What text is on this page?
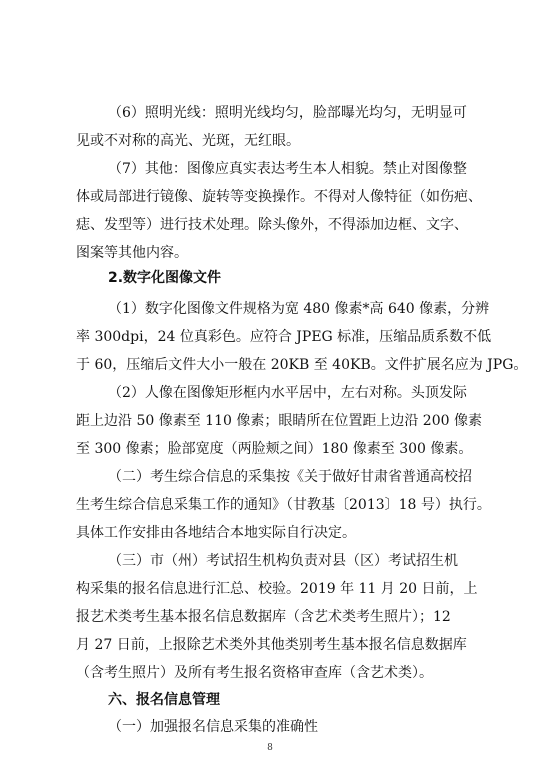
（6）照明光线：照明光线均匀，脸部曝光均匀，无明显可
见或不对称的高光、光斑，无红眼。
（7）其他：图像应真实表达考生本人相貌。禁止对图像整
体或局部进行镜像、旋转等变换操作。不得对人像特征（如伤疤、
痣、发型等）进行技术处理。除头像外，不得添加边框、文字、
图案等其他内容。
2.数字化图像文件
（1）数字化图像文件规格为宽 480 像素*高 640 像素，分辨
率 300dpi，24 位真彩色。应符合 JPEG 标准，压缩品质系数不低
于 60，压缩后文件大小一般在 20KB 至 40KB。文件扩展名应为 JPG。
（2）人像在图像矩形框内水平居中，左右对称。头顶发际
距上边沿 50 像素至 110 像素；眼睛所在位置距上边沿 200 像素
至 300 像素；脸部宽度（两脸颊之间）180 像素至 300 像素。
（二）考生综合信息的采集按《关于做好甘肃省普通高校招
生考生综合信息采集工作的通知》（甘教基〔2013〕18 号）执行。
具体工作安排由各地结合本地实际自行决定。
（三）市（州）考试招生机构负责对县（区）考试招生机
构采集的报名信息进行汇总、校验。2019 年 11 月 20 日前，上
报艺术类考生基本报名信息数据库（含艺术类考生照片）；12
月 27 日前，上报除艺术类外其他类别考生基本报名信息数据库
（含考生照片）及所有考生报名资格审查库（含艺术类）。
六、报名信息管理
（一）加强报名信息采集的准确性
8
